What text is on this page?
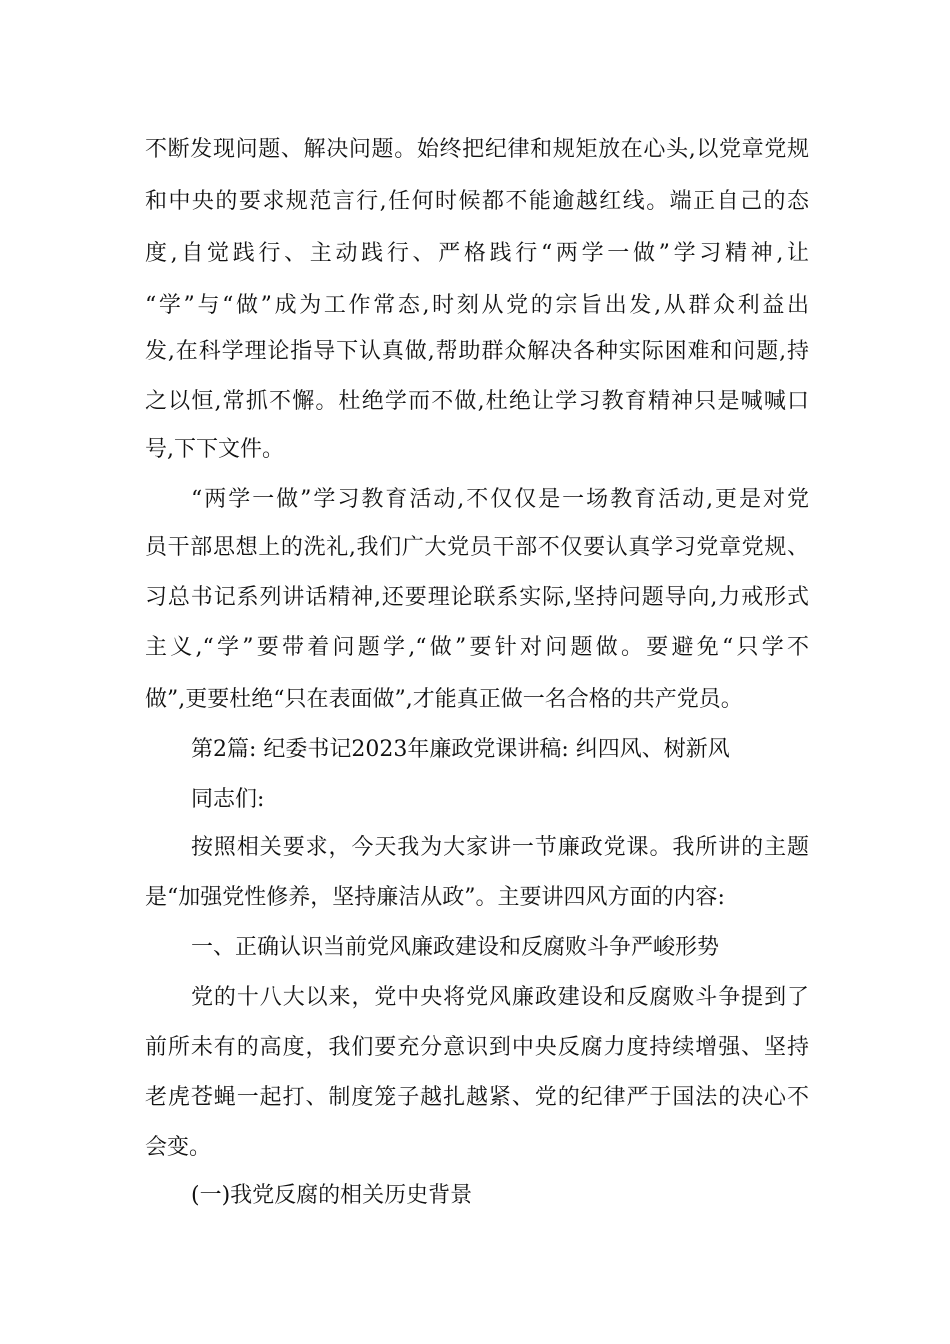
不断发现问题、解决问题。始终把纪律和规矩放在心头,以党章党规
和中央的要求规范言行,任何时候都不能逾越红线。端正自己的态
度,自觉践行、主动践行、严格践行“两学一做”学习精神,让
“学”与“做”成为工作常态,时刻从党的宗旨出发,从群众利益出
发,在科学理论指导下认真做,帮助群众解决各种实际困难和问题,持
之以恒,常抓不懈。杜绝学而不做,杜绝让学习教育精神只是喊喊口
号,下下文件。
“两学一做”学习教育活动,不仅仅是一场教育活动,更是对党
员干部思想上的洗礼,我们广大党员干部不仅要认真学习党章党规、
习总书记系列讲话精神,还要理论联系实际,坚持问题导向,力戒形式
主义,“学”要带着问题学,“做”要针对问题做。要避免“只学不
做”,更要杜绝“只在表面做”,才能真正做一名合格的共产党员。
第2篇: 纪委书记2023年廉政党课讲稿: 纠四风、树新风
同志们:
按照相关要求，今天我为大家讲一节廉政党课。我所讲的主题
是“加强党性修养，坚持廉洁从政”。主要讲四风方面的内容:
一、正确认识当前党风廉政建设和反腐败斗争严峻形势
党的十八大以来，党中央将党风廉政建设和反腐败斗争提到了
前所未有的高度，我们要充分意识到中央反腐力度持续增强、坚持
老虎苍蝇一起打、制度笼子越扎越紧、党的纪律严于国法的决心不
会变。
(一)我党反腐的相关历史背景
